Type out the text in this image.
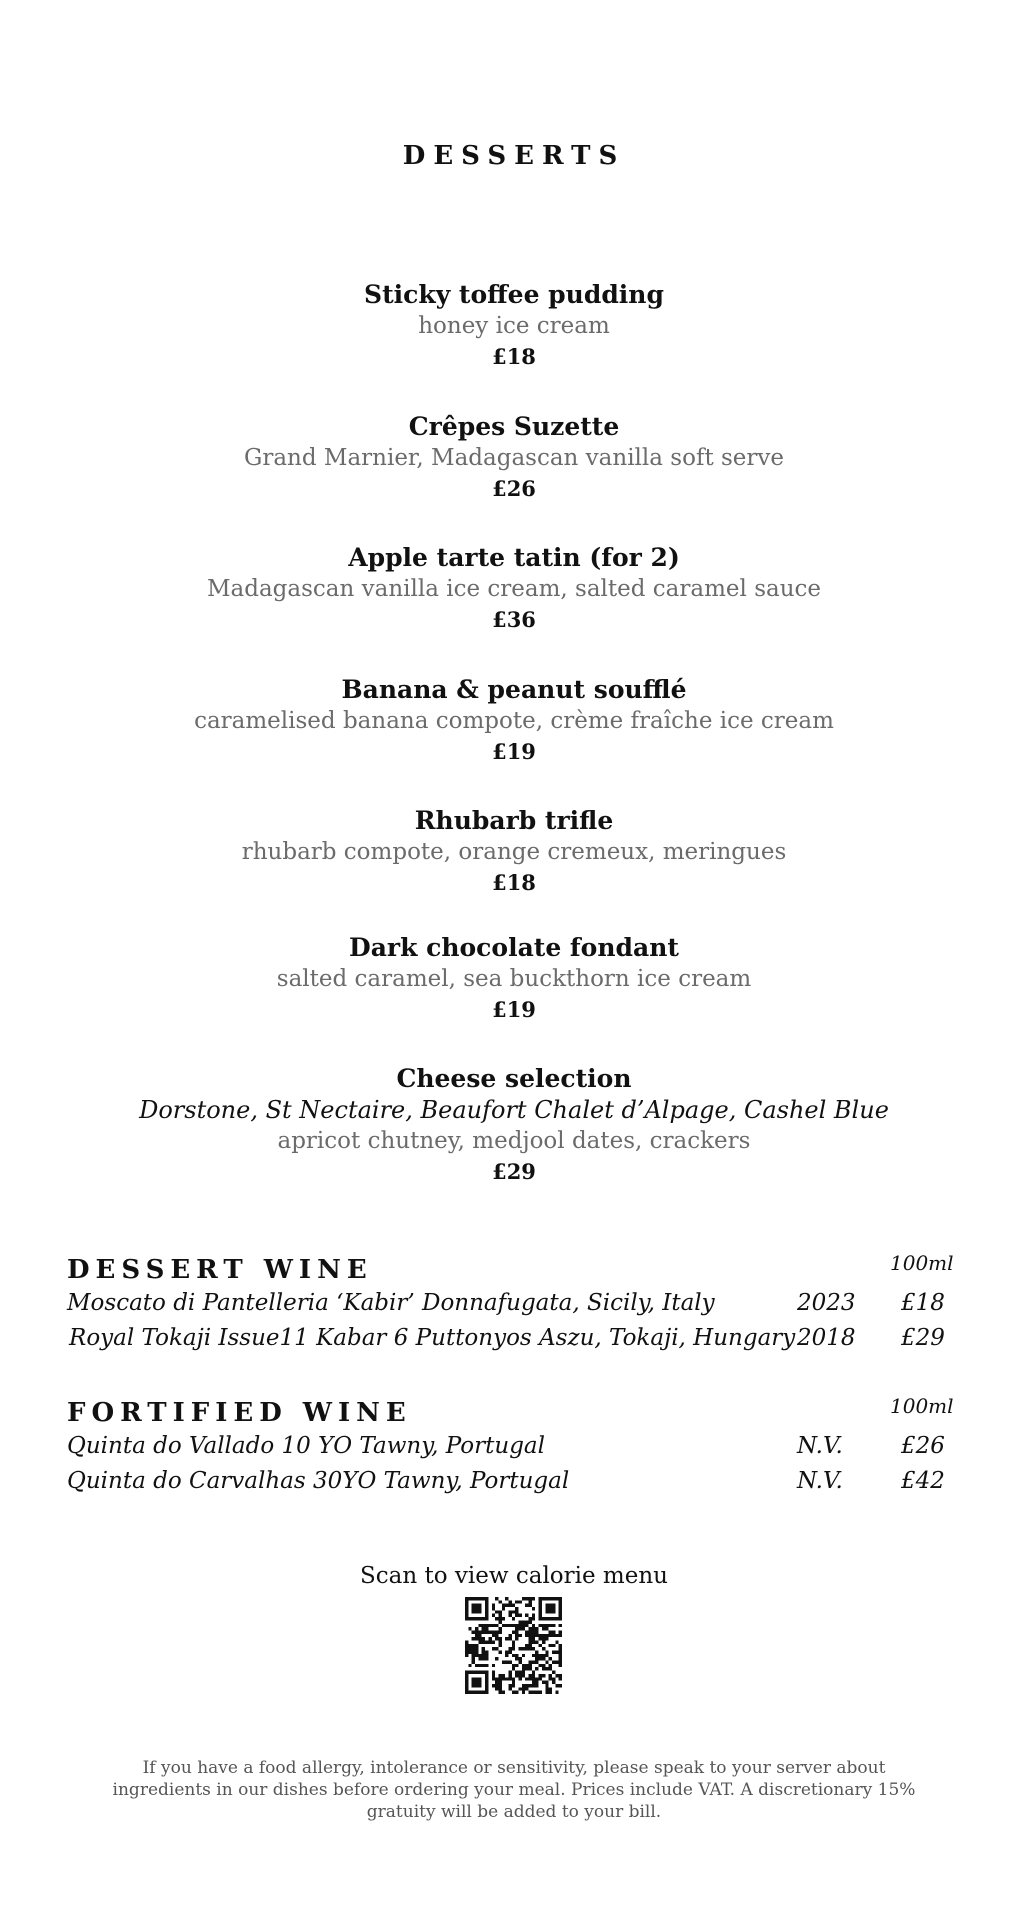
DESSERTS
Sticky toffee pudding
honey ice cream
£18
Crêpes Suzette
Grand Marnier, Madagascan vanilla soft serve
£26
Apple tarte tatin (for 2)
Madagascan vanilla ice cream, salted caramel sauce
£36
Banana & peanut soufflé
caramelised banana compote, crème fraîche ice cream
£19
Rhubarb trifle
rhubarb compote, orange cremeux, meringues
£18
Dark chocolate fondant
salted caramel, sea buckthorn ice cream
£19
Cheese selection
Dorstone, St Nectaire, Beaufort Chalet d’Alpage, Cashel Blue
apricot chutney, medjool dates, crackers
£29
DESSERT WINE	100ml
Moscato di Pantelleria ‘Kabir’ Donnafugata, Sicily, Italy	2023 £18
Royal Tokaji Issue11 Kabar 6 Puttonyos Aszu, Tokaji, Hungary 2018 £29
FORTIFIED WINE	100ml
Quinta do Vallado 10 YO Tawny, Portugal	N.V.	£26
Quinta do Carvalhas 30YO Tawny, Portugal	N.V.	£42
Scan to view calorie menu
If you have a food allergy, intolerance or sensitivity, please speak to your server about ingredients in our dishes before ordering your meal. Prices include VAT. A discretionary 15% gratuity will be added to your bill.
